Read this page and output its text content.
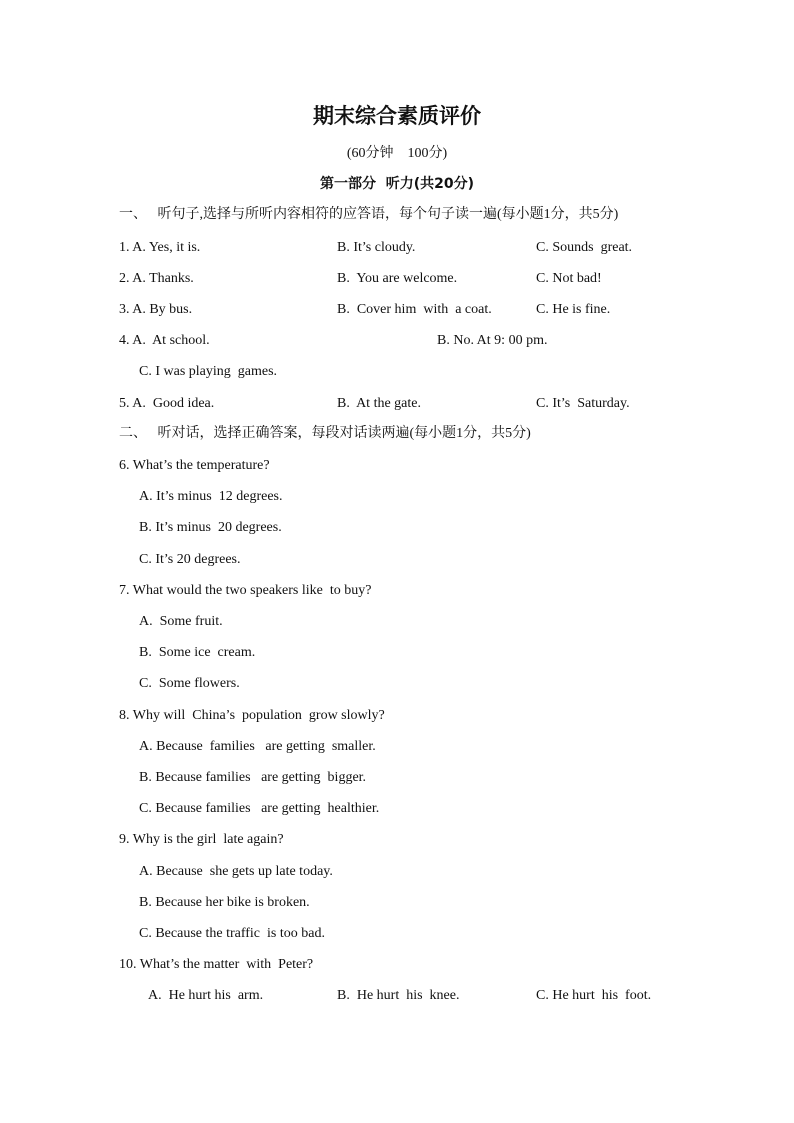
期末综合素质评价
(60分钟    100分)
第一部分  听力(共20分)
一、   听句子,选择与所听内容相符的应答语，每个句子读一遍(每小题1分，共5分)
1. A. Yes, it is.	B. It’s cloudy.	C. Sounds  great.
2. A. Thanks.	B.  You are welcome.	C. Not bad!
3. A. By bus.	B.  Cover him  with  a coat.	C. He is fine.
4. A.  At school.	B. No. At 9: 00 pm.
C. I was playing  games.
5. A.  Good idea.	B.  At the gate.	C. It’s  Saturday.
二、   听对话，选择正确答案，每段对话读两遍(每小题1分，共5分)
6. What’s the temperature?
A. It’s minus  12 degrees.
B. It’s minus  20 degrees.
C. It’s 20 degrees.
7. What would the two speakers like  to buy?
A.  Some fruit.
B.  Some ice  cream.
C.  Some flowers.
8. Why will  China’s  population  grow slowly?
A. Because  families   are getting  smaller.
B. Because families   are getting  bigger.
C. Because families   are getting  healthier.
9. Why is the girl  late again?
A. Because  she gets up late today.
B. Because her bike is broken.
C. Because the traffic  is too bad.
10. What’s the matter  with  Peter?
A.  He hurt his  arm.	B.  He hurt  his  knee.	C. He hurt  his  foot.
